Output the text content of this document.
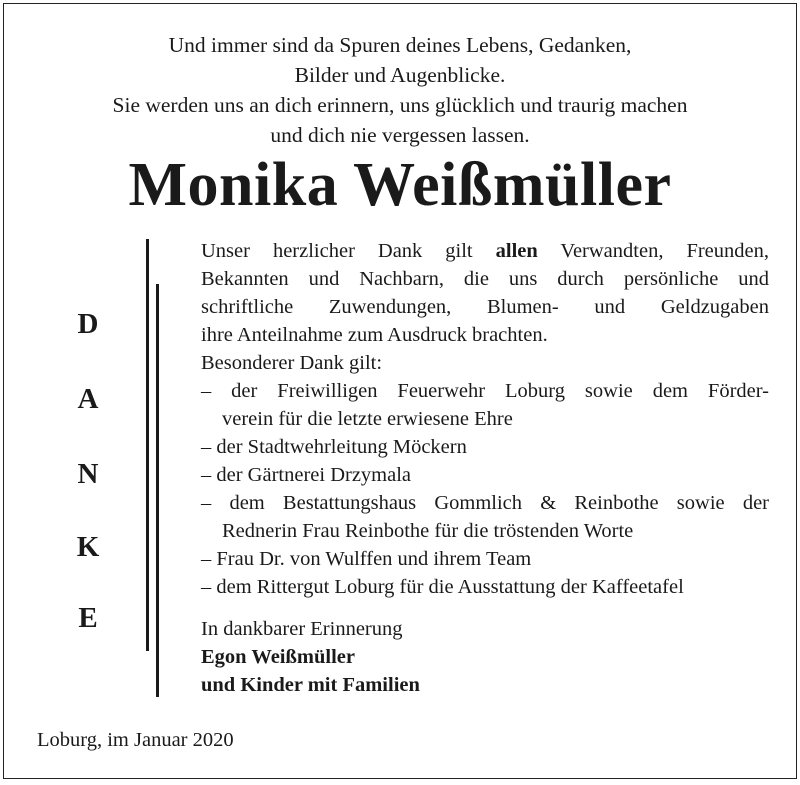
Und immer sind da Spuren deines Lebens, Gedanken,
Bilder und Augenblicke.
Sie werden uns an dich erinnern, uns glücklich und traurig machen
und dich nie vergessen lassen.
Monika Weißmüller
D
A
N
K
E
Unser herzlicher Dank gilt allen Verwandten, Freunden,
Bekannten und Nachbarn, die uns durch persönliche und
schriftliche Zuwendungen, Blumen- und Geldzugaben
ihre Anteilnahme zum Ausdruck brachten.
Besonderer Dank gilt:
– der Freiwilligen Feuerwehr Loburg sowie dem Förder-
verein für die letzte erwiesene Ehre
– der Stadtwehrleitung Möckern
– der Gärtnerei Drzymala
– dem Bestattungshaus Gommlich & Reinbothe sowie der
Rednerin Frau Reinbothe für die tröstenden Worte
– Frau Dr. von Wulffen und ihrem Team
– dem Rittergut Loburg für die Ausstattung der Kaffeetafel
In dankbarer Erinnerung
Egon Weißmüller
und Kinder mit Familien
Loburg, im Januar 2020
